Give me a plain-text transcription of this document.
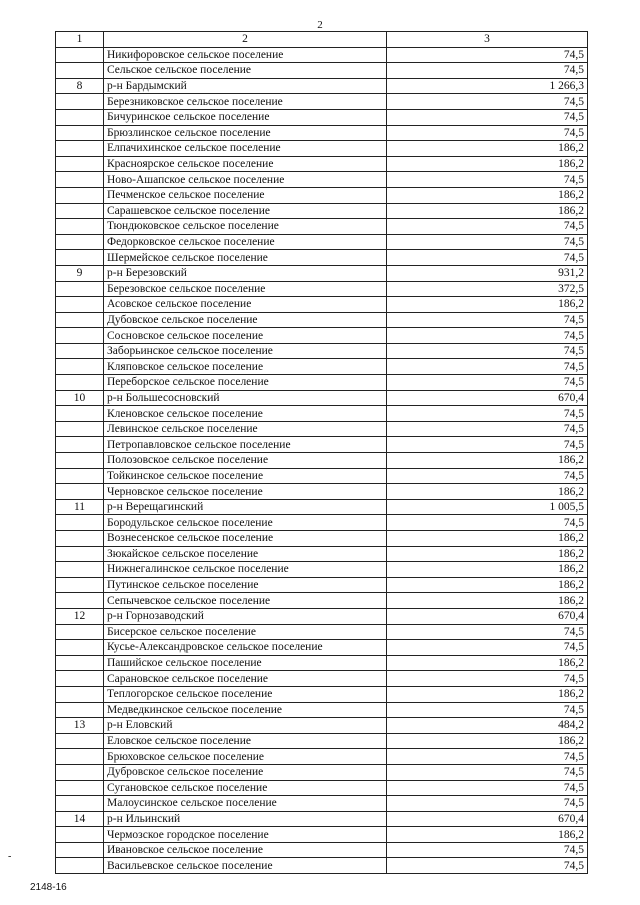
2
1	2	3
	Никифоровское сельское поселение	74,5
	Сельское сельское поселение	74,5
8	р-н Бардымский	1 266,3
	Березниковское сельское поселение	74,5
	Бичуринское сельское поселение	74,5
	Брюзлинское сельское поселение	74,5
	Елпачихинское сельское поселение	186,2
	Красноярское сельское поселение	186,2
	Ново-Ашапское сельское поселение	74,5
	Печменское сельское поселение	186,2
	Сарашевское сельское поселение	186,2
	Тюндюковское сельское поселение	74,5
	Федорковское сельское поселение	74,5
	Шермейское сельское поселение	74,5
9	р-н Березовский	931,2
	Березовское сельское поселение	372,5
	Асовское сельское поселение	186,2
	Дубовское сельское поселение	74,5
	Сосновское сельское поселение	74,5
	Заборьинское сельское поселение	74,5
	Кляповское сельское поселение	74,5
	Переборское сельское поселение	74,5
10	р-н Большесосновский	670,4
	Кленовское сельское поселение	74,5
	Левинское сельское поселение	74,5
	Петропавловское сельское поселение	74,5
	Полозовское сельское поселение	186,2
	Тойкинское сельское поселение	74,5
	Черновское сельское поселение	186,2
11	р-н Верещагинский	1 005,5
	Бородульское сельское поселение	74,5
	Вознесенское сельское поселение	186,2
	Зюкайское сельское поселение	186,2
	Нижнегалинское сельское поселение	186,2
	Путинское сельское поселение	186,2
	Сепычевское сельское поселение	186,2
12	р-н Горнозаводский	670,4
	Бисерское сельское поселение	74,5
	Кусье-Александровское сельское поселение	74,5
	Пашийское сельское поселение	186,2
	Сарановское сельское поселение	74,5
	Теплогорское сельское поселение	186,2
	Медведкинское сельское поселение	74,5
13	р-н Еловский	484,2
	Еловское сельское поселение	186,2
	Брюховское сельское поселение	74,5
	Дубровское сельское поселение	74,5
	Сугановское сельское поселение	74,5
	Малоусинское сельское поселение	74,5
14	р-н Ильинский	670,4
	Чермозское городское поселение	186,2
	Ивановское сельское поселение	74,5
	Васильевское сельское поселение	74,5
-
2148-16
